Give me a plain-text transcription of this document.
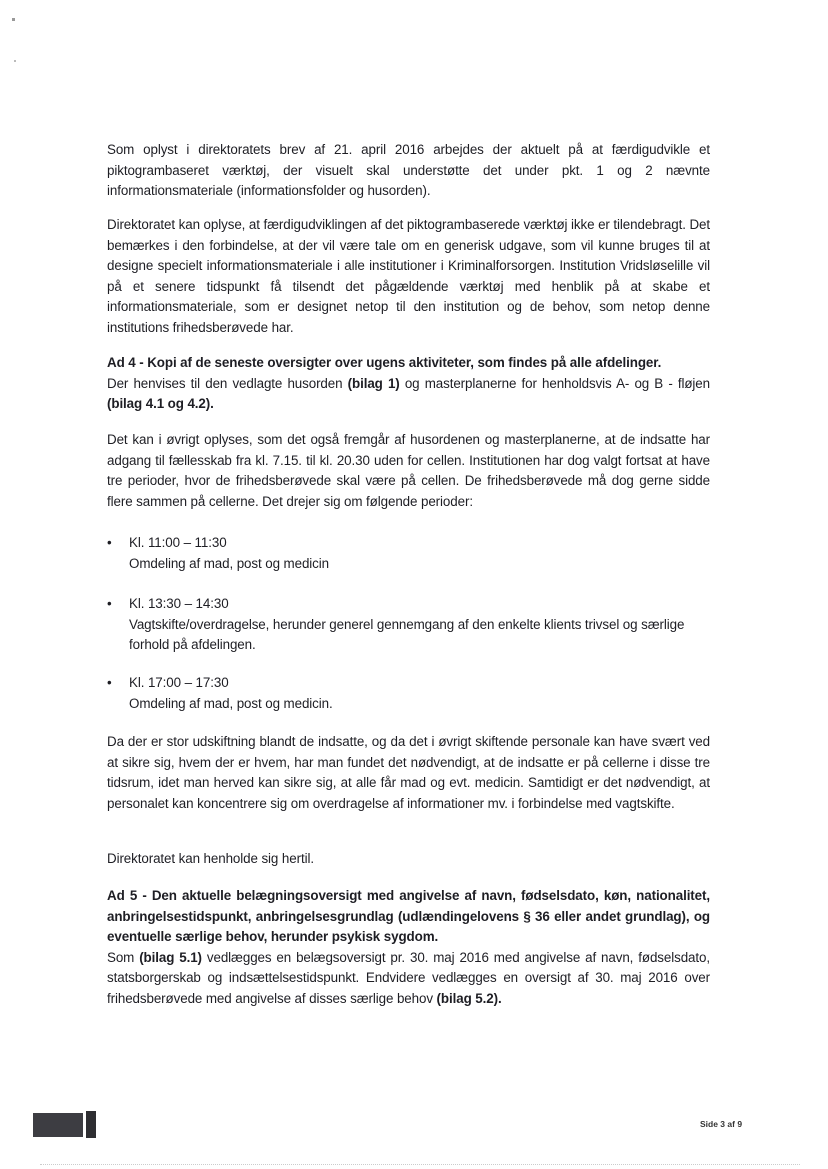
Som oplyst i direktoratets brev af 21. april 2016 arbejdes der aktuelt på at færdigudvikle et piktogrambaseret værktøj, der visuelt skal understøtte det under pkt. 1 og 2 nævnte informationsmateriale (informationsfolder og husorden).

Direktoratet kan oplyse, at færdigudviklingen af det piktogrambaserede værktøj ikke er tilendebragt. Det bemærkes i den forbindelse, at der vil være tale om en generisk udgave, som vil kunne bruges til at designe specielt informationsmateriale i alle institutioner i Kriminalforsorgen. Institution Vridsløselille vil på et senere tidspunkt få tilsendt det pågældende værktøj med henblik på at skabe et informationsmateriale, som er designet netop til den institution og de behov, som netop denne institutions frihedsberøvede har.

Ad 4 - Kopi af de seneste oversigter over ugens aktiviteter, som findes på alle afdelinger.
Der henvises til den vedlagte husorden (bilag 1) og masterplanerne for henholdsvis A- og B - fløjen (bilag 4.1 og 4.2).

Det kan i øvrigt oplyses, som det også fremgår af husordenen og masterplanerne, at de indsatte har adgang til fællesskab fra kl. 7.15. til kl. 20.30 uden for cellen. Institutionen har dog valgt fortsat at have tre perioder, hvor de frihedsberøvede skal være på cellen. De frihedsberøvede må dog gerne sidde flere sammen på cellerne. Det drejer sig om følgende perioder:

•	Kl. 11:00 – 11:30
Omdeling af mad, post og medicin
•	Kl. 13:30 – 14:30
Vagtskifte/overdragelse, herunder generel gennemgang af den enkelte klients trivsel og særlige forhold på afdelingen.
•	Kl. 17:00 – 17:30
Omdeling af mad, post og medicin.

Da der er stor udskiftning blandt de indsatte, og da det i øvrigt skiftende personale kan have svært ved at sikre sig, hvem der er hvem, har man fundet det nødvendigt, at de indsatte er på cellerne i disse tre tidsrum, idet man herved kan sikre sig, at alle får mad og evt. medicin. Samtidigt er det nødvendigt, at personalet kan koncentrere sig om overdragelse af informationer mv. i forbindelse med vagtskifte.

Direktoratet kan henholde sig hertil.

Ad 5 - Den aktuelle belægningsoversigt med angivelse af navn, fødselsdato, køn, nationalitet, anbringelsestidspunkt, anbringelsesgrundlag (udlændingelovens § 36 eller andet grundlag), og eventuelle særlige behov, herunder psykisk sygdom.
Som (bilag 5.1) vedlægges en belægsoversigt pr. 30. maj 2016 med angivelse af navn, fødselsdato, statsborgerskab og indsættelsestidspunkt. Endvidere vedlægges en oversigt af 30. maj 2016 over frihedsberøvede med angivelse af disses særlige behov (bilag 5.2).
Side 3 af 9
